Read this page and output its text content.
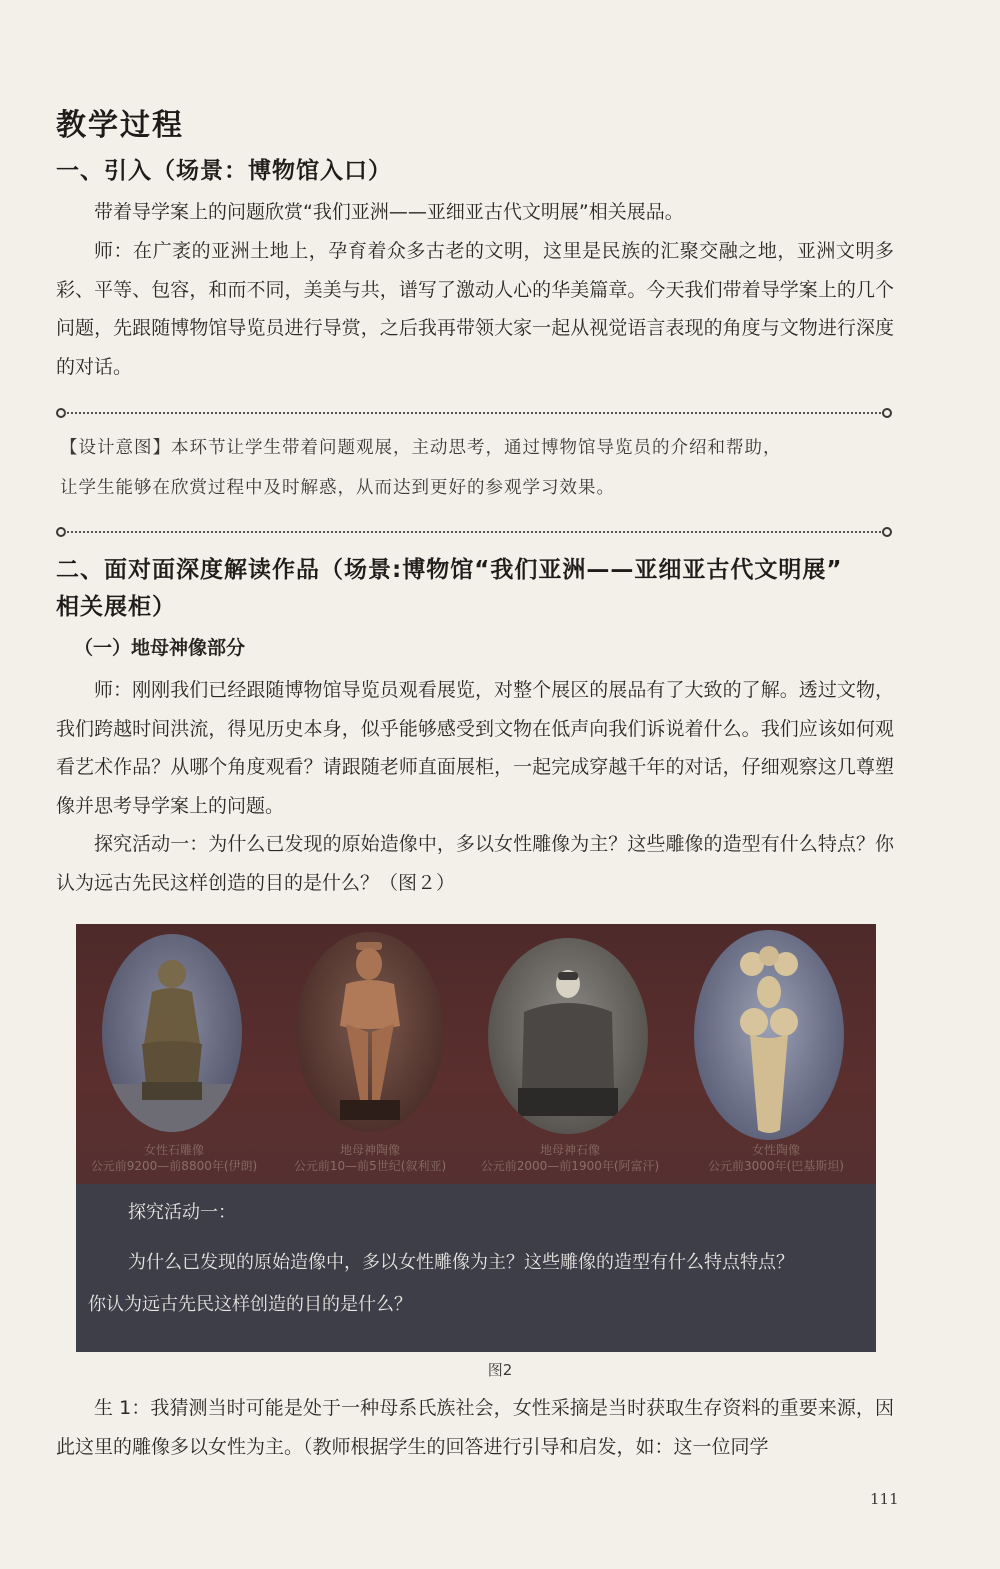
教学过程
一、引入（场景：博物馆入口）
带着导学案上的问题欣赏“我们亚洲——亚细亚古代文明展”相关展品。
师：在广袤的亚洲土地上，孕育着众多古老的文明，这里是民族的汇聚交融之地，亚洲文明多彩、平等、包容，和而不同，美美与共，谱写了激动人心的华美篇章。今天我们带着导学案上的几个问题，先跟随博物馆导览员进行导赏，之后我再带领大家一起从视觉语言表现的角度与文物进行深度的对话。
【设计意图】本环节让学生带着问题观展，主动思考，通过博物馆导览员的介绍和帮助，
让学生能够在欣赏过程中及时解惑，从而达到更好的参观学习效果。
二、面对面深度解读作品（场景:博物馆“我们亚洲——亚细亚古代文明展”
相关展柜）
（一）地母神像部分
师：刚刚我们已经跟随博物馆导览员观看展览，对整个展区的展品有了大致的了解。透过文物，我们跨越时间洪流，得见历史本身，似乎能够感受到文物在低声向我们诉说着什么。我们应该如何观看艺术作品？从哪个角度观看？请跟随老师直面展柜，一起完成穿越千年的对话，仔细观察这几尊塑像并思考导学案上的问题。
探究活动一：为什么已发现的原始造像中，多以女性雕像为主？这些雕像的造型有什么特点？你认为远古先民这样创造的目的是什么？（图２）
女性石雕像
公元前9200—前8800年(伊朗)
地母神陶像
公元前10—前5世纪(叙利亚)
地母神石像
公元前2000—前1900年(阿富汗)
女性陶像
公元前3000年(巴基斯坦)
探究活动一：
为什么已发现的原始造像中，多以女性雕像为主？这些雕像的造型有什么特点特点？
你认为远古先民这样创造的目的是什么？
图2
生 1：我猜测当时可能是处于一种母系氏族社会，女性采摘是当时获取生存资料的重要来源，因此这里的雕像多以女性为主。（教师根据学生的回答进行引导和启发，如：这一位同学
111
